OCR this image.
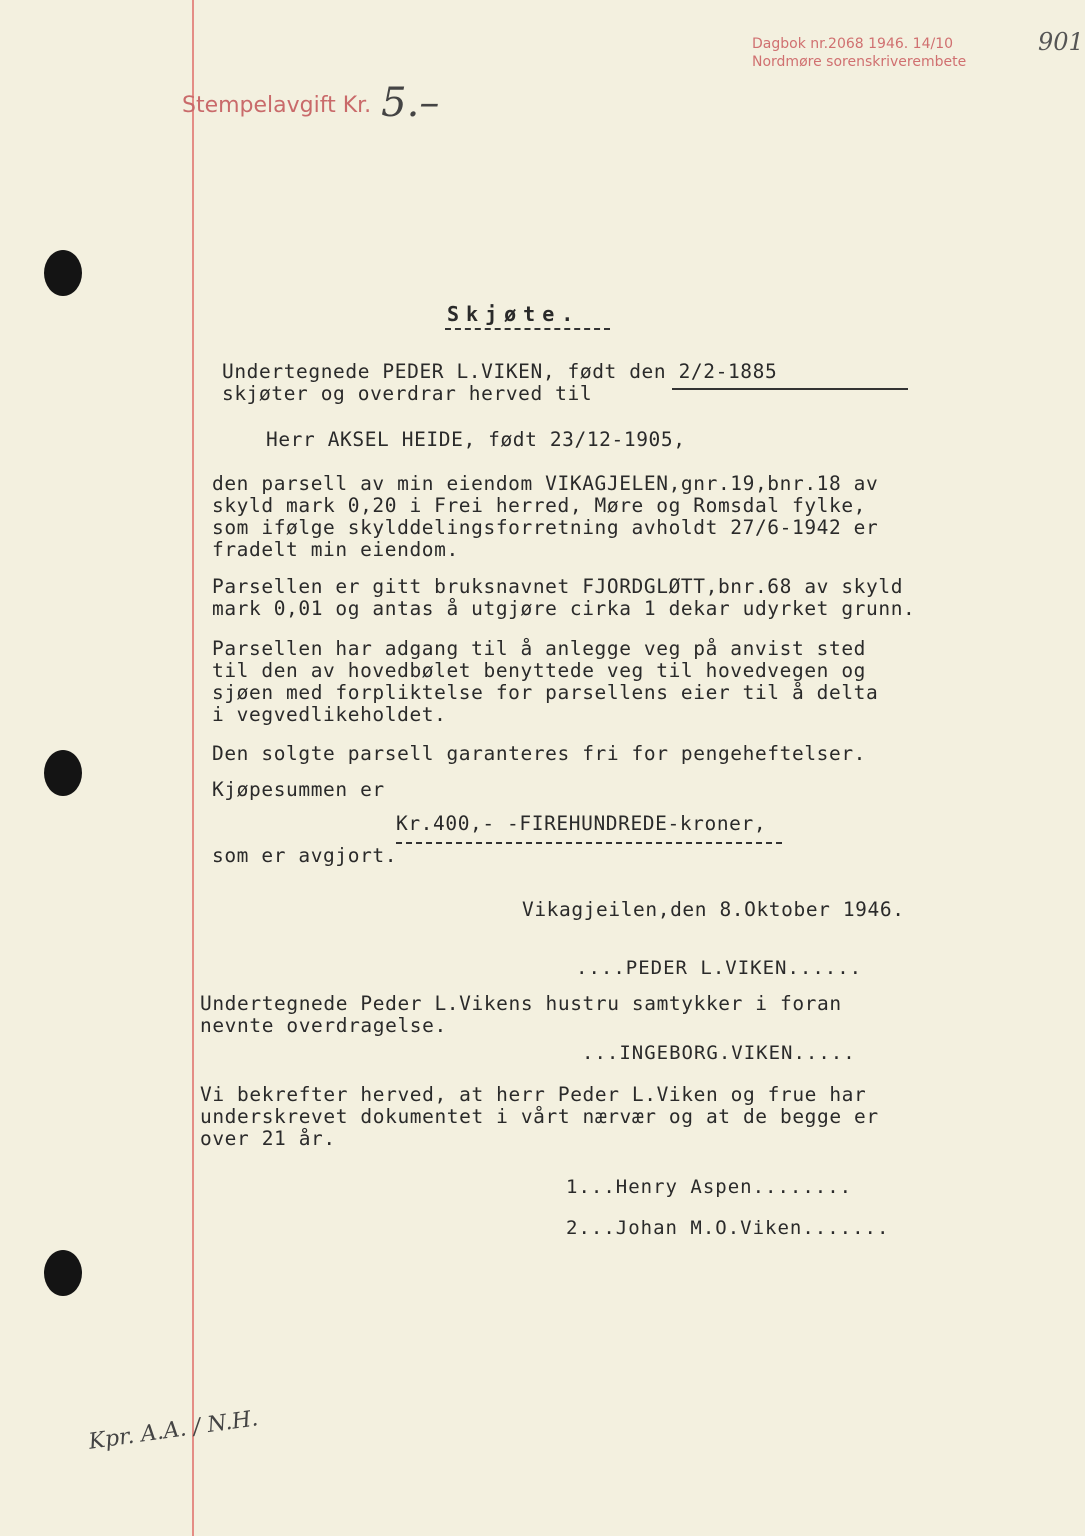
Stempelavgift Kr. 5.–
Dagbok nr.2068 1946. 14/10
Nordmøre sorenskriverembete
901
Skjøte.
Undertegnede PEDER L.VIKEN, født den 2/2-1885
skjøter og overdrar herved til
Herr AKSEL HEIDE, født 23/12-1905,
den parsell av min eiendom VIKAGJELEN,gnr.19,bnr.18 av
skyld mark 0,20 i Frei herred, Møre og Romsdal fylke,
som ifølge skylddelingsforretning avholdt 27/6-1942 er
fradelt min eiendom.
Parsellen er gitt bruksnavnet FJORDGLØTT,bnr.68 av skyld
mark 0,01 og antas å utgjøre cirka 1 dekar udyrket grunn.
Parsellen har adgang til å anlegge veg på anvist sted
til den av hovedbølet benyttede veg til hovedvegen og
sjøen med forpliktelse for parsellens eier til å delta
i vegvedlikeholdet.
Den solgte parsell garanteres fri for pengeheftelser.
Kjøpesummen er
Kr.400,- -FIREHUNDREDE-kroner,
som er avgjort.
Vikagjeilen,den 8.Oktober 1946.
....PEDER L.VIKEN......
Undertegnede Peder L.Vikens hustru samtykker i foran
nevnte overdragelse.
...INGEBORG.VIKEN.....
Vi bekrefter herved, at herr Peder L.Viken og frue har
underskrevet dokumentet i vårt nærvær og at de begge er
over 21 år.
1...Henry Aspen........
2...Johan M.O.Viken.......
Kpr. A.A. / N.H.
